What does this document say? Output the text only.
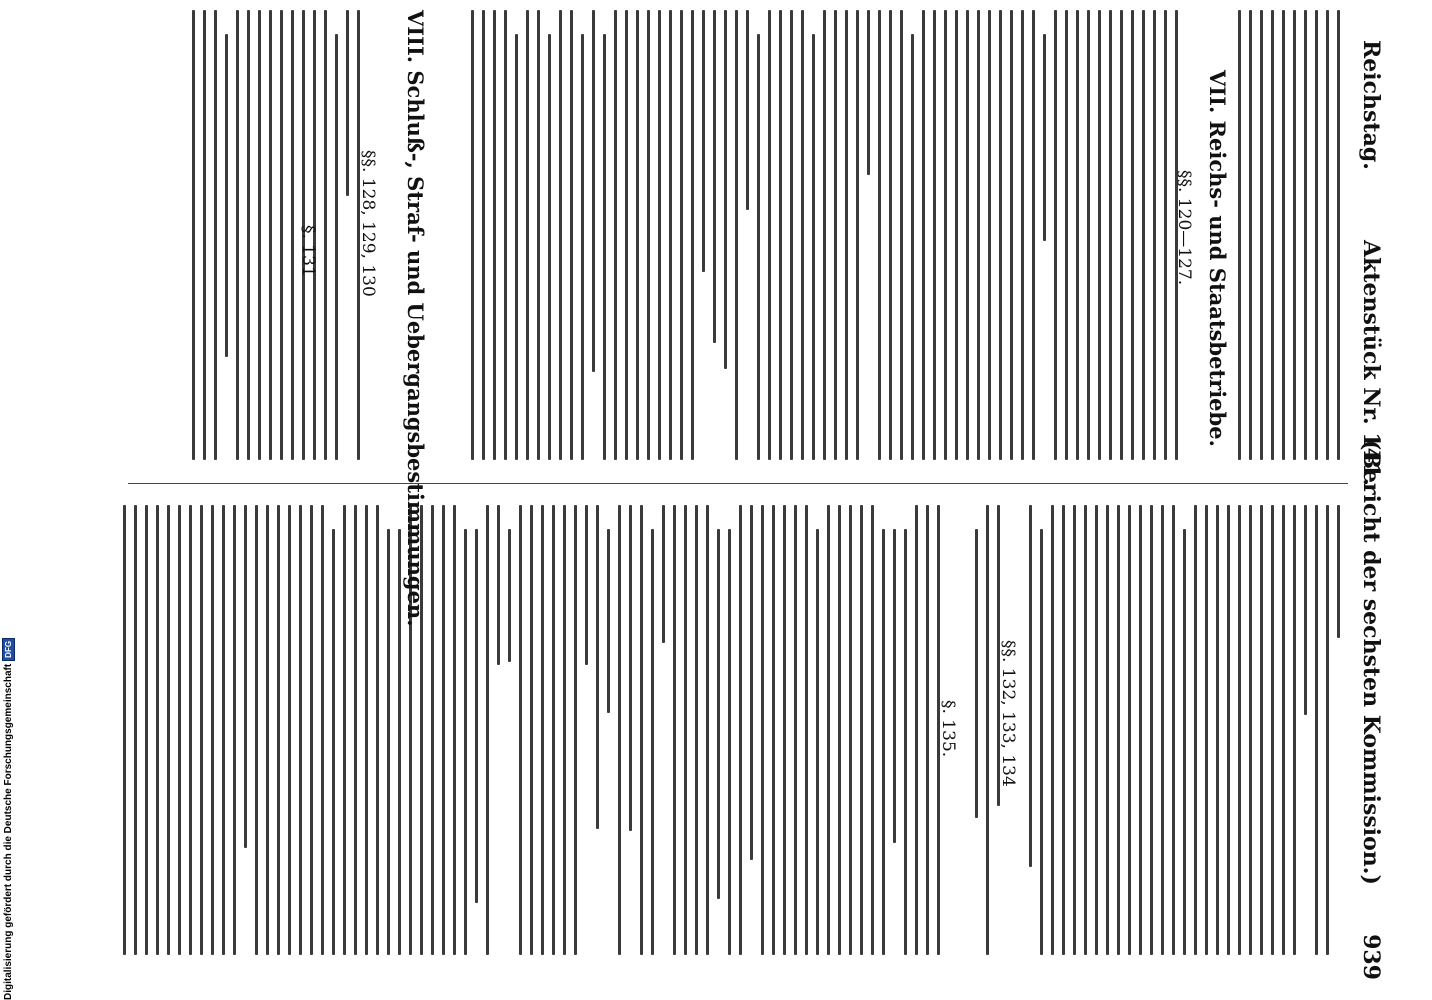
Reichstag.
Aktenstück Nr. 141.
(Bericht der sechsten Kommission.)
939
VII. Reichs- und Staatsbetriebe.
§§. 120—127.
VIII. Schluß-, Straf- und Uebergangsbestimmungen.
§§. 128, 129, 130
§. 131
§§. 132, 133, 134
§. 135.
Digitalisierung gefördert durch die Deutsche Forschungsgemeinschaft
DFG
